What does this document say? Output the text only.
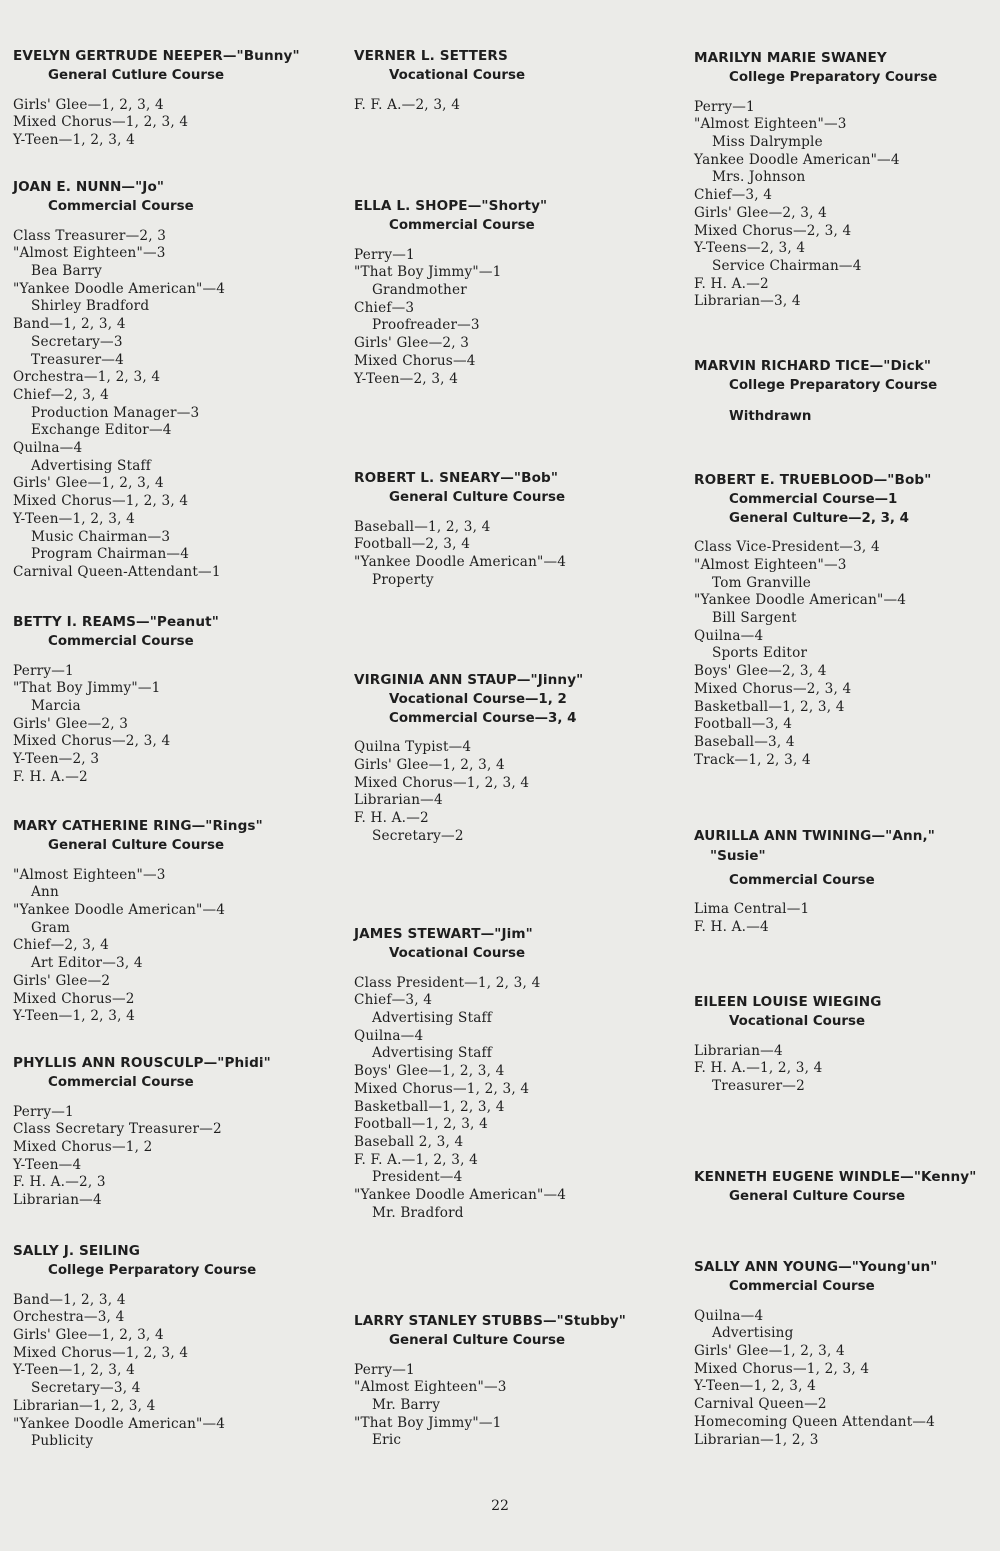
EVELYN GERTRUDE NEEPER—"Bunny"
General Cutlure Course
Girls' Glee—1, 2, 3, 4
Mixed Chorus—1, 2, 3, 4
Y-Teen—1, 2, 3, 4
JOAN E. NUNN—"Jo"
Commercial Course
Class Treasurer—2, 3
"Almost Eighteen"—3
Bea Barry
"Yankee Doodle American"—4
Shirley Bradford
Band—1, 2, 3, 4
Secretary—3
Treasurer—4
Orchestra—1, 2, 3, 4
Chief—2, 3, 4
Production Manager—3
Exchange Editor—4
Quilna—4
Advertising Staff
Girls' Glee—1, 2, 3, 4
Mixed Chorus—1, 2, 3, 4
Y-Teen—1, 2, 3, 4
Music Chairman—3
Program Chairman—4
Carnival Queen-Attendant—1
BETTY I. REAMS—"Peanut"
Commercial Course
Perry—1
"That Boy Jimmy"—1
Marcia
Girls' Glee—2, 3
Mixed Chorus—2, 3, 4
Y-Teen—2, 3
F. H. A.—2
MARY CATHERINE RING—"Rings"
General Culture Course
"Almost Eighteen"—3
Ann
"Yankee Doodle American"—4
Gram
Chief—2, 3, 4
Art Editor—3, 4
Girls' Glee—2
Mixed Chorus—2
Y-Teen—1, 2, 3, 4
PHYLLIS ANN ROUSCULP—"Phidi"
Commercial Course
Perry—1
Class Secretary Treasurer—2
Mixed Chorus—1, 2
Y-Teen—4
F. H. A.—2, 3
Librarian—4
SALLY J. SEILING
College Perparatory Course
Band—1, 2, 3, 4
Orchestra—3, 4
Girls' Glee—1, 2, 3, 4
Mixed Chorus—1, 2, 3, 4
Y-Teen—1, 2, 3, 4
Secretary—3, 4
Librarian—1, 2, 3, 4
"Yankee Doodle American"—4
Publicity
VERNER L. SETTERS
Vocational Course
F. F. A.—2, 3, 4
ELLA L. SHOPE—"Shorty"
Commercial Course
Perry—1
"That Boy Jimmy"—1
Grandmother
Chief—3
Proofreader—3
Girls' Glee—2, 3
Mixed Chorus—4
Y-Teen—2, 3, 4
ROBERT L. SNEARY—"Bob"
General Culture Course
Baseball—1, 2, 3, 4
Football—2, 3, 4
"Yankee Doodle American"—4
Property
VIRGINIA ANN STAUP—"Jinny"
Vocational Course—1, 2
Commercial Course—3, 4
Quilna Typist—4
Girls' Glee—1, 2, 3, 4
Mixed Chorus—1, 2, 3, 4
Librarian—4
F. H. A.—2
Secretary—2
JAMES STEWART—"Jim"
Vocational Course
Class President—1, 2, 3, 4
Chief—3, 4
Advertising Staff
Quilna—4
Advertising Staff
Boys' Glee—1, 2, 3, 4
Mixed Chorus—1, 2, 3, 4
Basketball—1, 2, 3, 4
Football—1, 2, 3, 4
Baseball 2, 3, 4
F. F. A.—1, 2, 3, 4
President—4
"Yankee Doodle American"—4
Mr. Bradford
LARRY STANLEY STUBBS—"Stubby"
General Culture Course
Perry—1
"Almost Eighteen"—3
Mr. Barry
"That Boy Jimmy"—1
Eric
MARILYN MARIE SWANEY
College Preparatory Course
Perry—1
"Almost Eighteen"—3
Miss Dalrymple
Yankee Doodle American"—4
Mrs. Johnson
Chief—3, 4
Girls' Glee—2, 3, 4
Mixed Chorus—2, 3, 4
Y-Teens—2, 3, 4
Service Chairman—4
F. H. A.—2
Librarian—3, 4
MARVIN RICHARD TICE—"Dick"
College Preparatory Course
Withdrawn
ROBERT E. TRUEBLOOD—"Bob"
Commercial Course—1
General Culture—2, 3, 4
Class Vice-President—3, 4
"Almost Eighteen"—3
Tom Granville
"Yankee Doodle American"—4
Bill Sargent
Quilna—4
Sports Editor
Boys' Glee—2, 3, 4
Mixed Chorus—2, 3, 4
Basketball—1, 2, 3, 4
Football—3, 4
Baseball—3, 4
Track—1, 2, 3, 4
AURILLA ANN TWINING—"Ann,"
"Susie"
Commercial Course
Lima Central—1
F. H. A.—4
EILEEN LOUISE WIEGING
Vocational Course
Librarian—4
F. H. A.—1, 2, 3, 4
Treasurer—2
KENNETH EUGENE WINDLE—"Kenny"
General Culture Course
SALLY ANN YOUNG—"Young'un"
Commercial Course
Quilna—4
Advertising
Girls' Glee—1, 2, 3, 4
Mixed Chorus—1, 2, 3, 4
Y-Teen—1, 2, 3, 4
Carnival Queen—2
Homecoming Queen Attendant—4
Librarian—1, 2, 3
22
